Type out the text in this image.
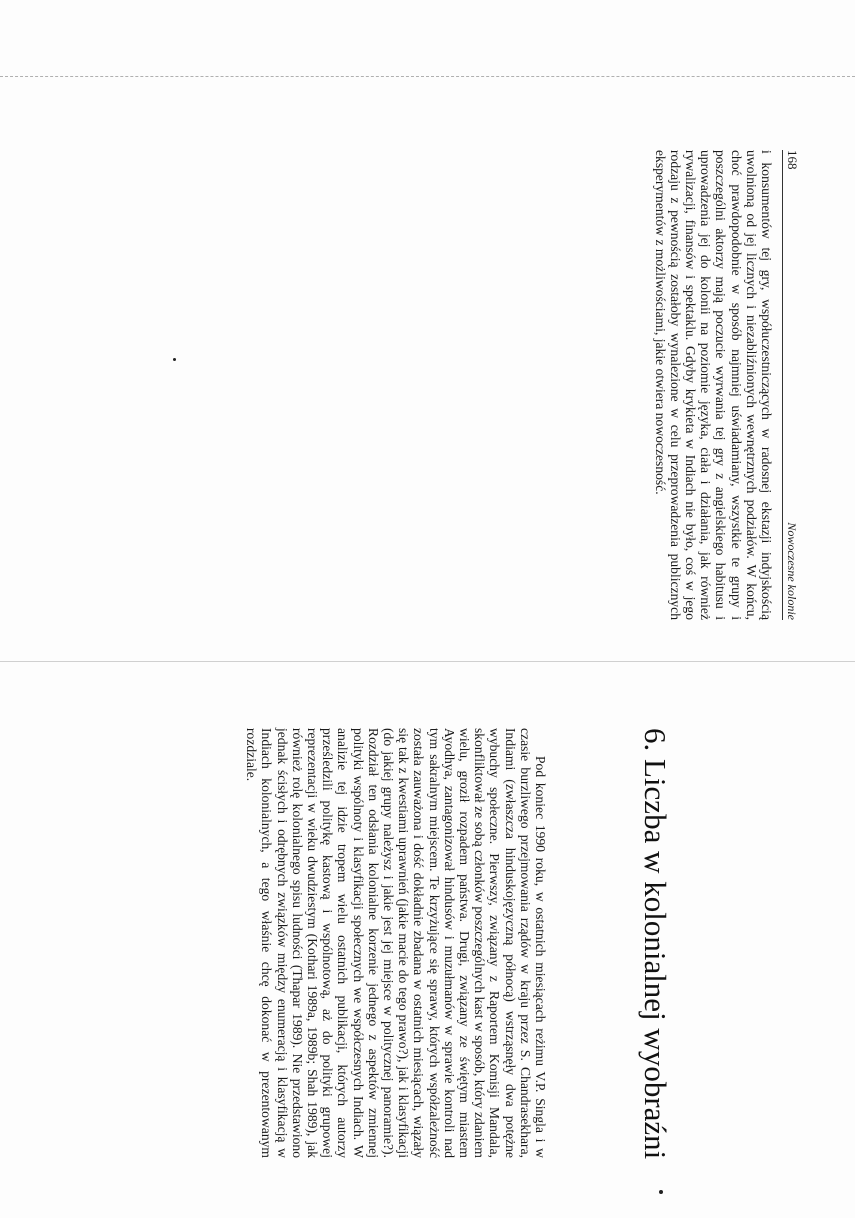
168
Nowoczesne kolonie

i konsumentów tej gry, współuczestniczących w radosnej ekstazji indyjskością uwolnioną od jej licznych i niezabliźnionych wewnętrznych podziałów. W końcu, choć prawdopodobnie w sposób najmniej uświadamiany, wszystkie te grupy i poszczególni aktorzy mają poczucie wyrwania tej gry z angielskiego habitusu i uprowadzenia jej do kolonii na poziomie języka, ciała i działania, jak również rywalizacji, finansów i spektaklu. Gdyby krykieta w Indiach nie było, coś w jego rodzaju z pewnością zostałoby wynalezione w celu przeprowadzenia publicznych eksperymentów z możliwościami, jakie otwiera nowoczesność.

6. Liczba w kolonialnej wyobraźni

Pod koniec 1990 roku, w ostatnich miesiącach reżimu V.P. Singla i w czasie burzliwego przejmowania rządów w kraju przez S. Chandrasekhara, Indiami (zwłaszcza hinduskojęzyczną północą) wstrząsnęły dwa potężne wybuchy społeczne. Pierwszy, związany z Raportem Komisji Mandala, skonfliktował ze sobą członków poszczególnych kast w sposób, który zdaniem wielu, groził rozpadem państwa. Drugi, związany ze świętym miastem Ayodhya, zantagonizował hindusów i muzułmanów w sprawie kontroli nad tym sakralnym miejscem. Te krzyżujące się sprawy, których współzależność została zauważona i dość dokładnie zbadana w ostatnich miesiącach, wiązały się tak z kwestiami uprawnień (jakie macie do tego prawo?), jak i klasyfikacji (do jakiej grupy należysz i jakie jest jej miejsce w politycznej panoramie?). Rozdział ten odsłania kolonialne korzenie jednego z aspektów zmiennej polityki wspólnoty i klasyfikacji społecznych we współczesnych Indiach. W analizie tej idzie tropem wielu ostatnich publikacji, których autorzy prześledzili politykę kastową i wspólnotową, aż do polityki grupowej reprezentacji w wieku dwudziestym (Kothari 1989a, 1989b; Shah 1989), jak również rolę kolonialnego spisu ludności (Thapar 1989). Nie przedstawiono jednak ścisłych i odrębnych związków między enumeracją i klasyfikacją w Indiach kolonialnych, a tego właśnie chcę dokonać w prezentowanym rozdziale.
